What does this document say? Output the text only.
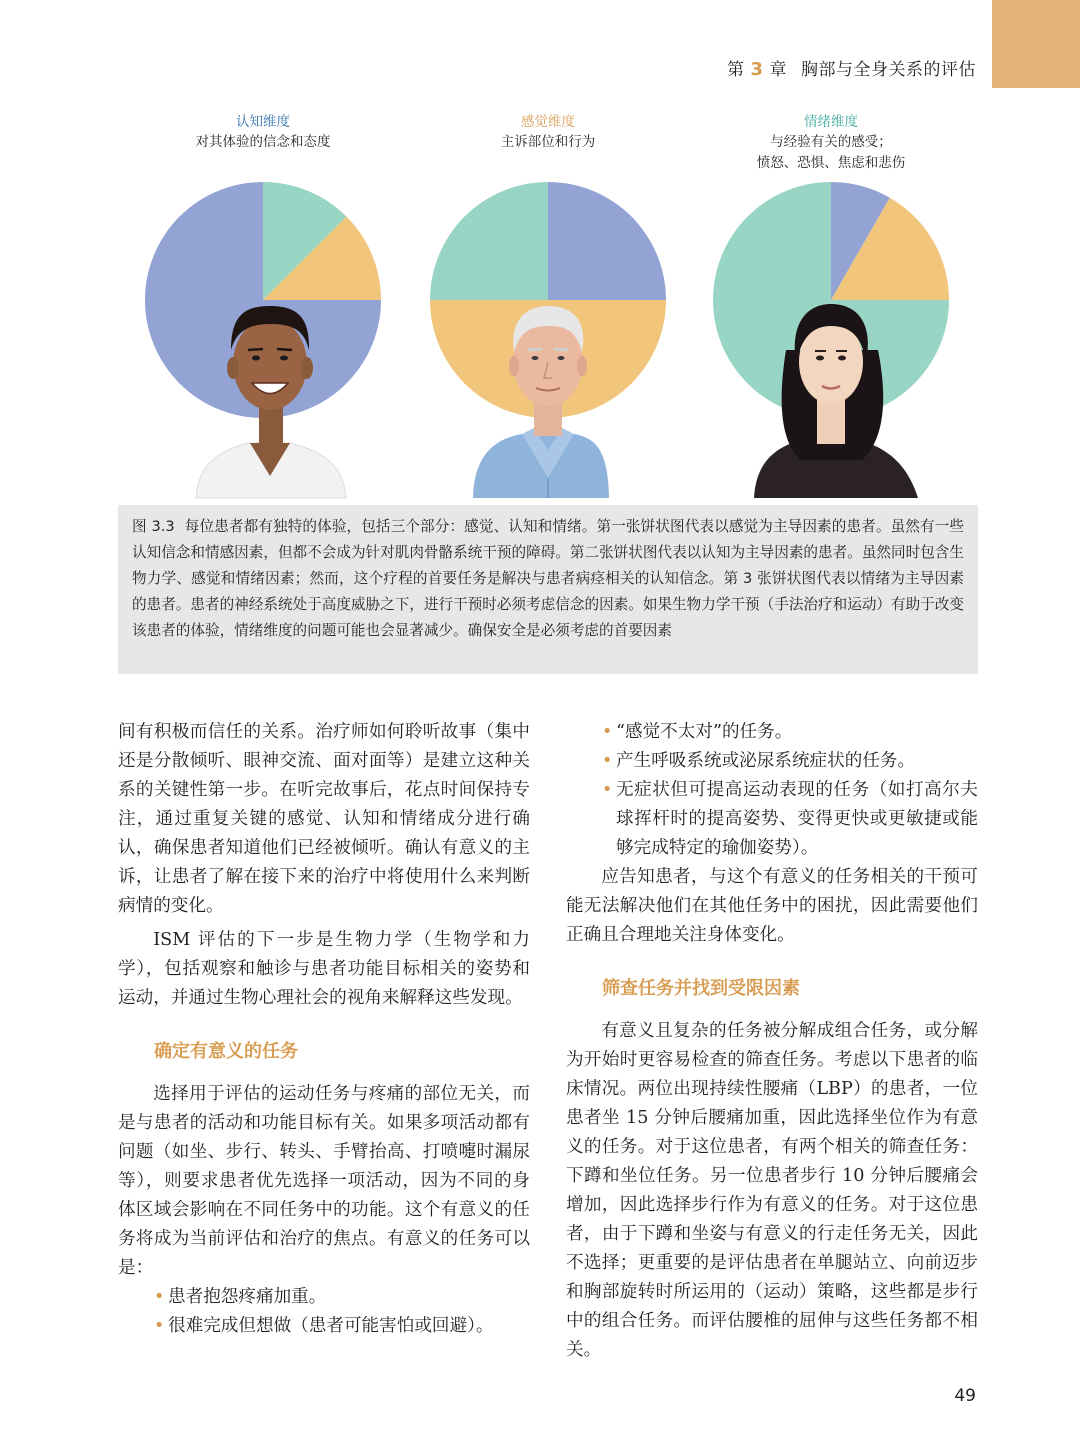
第 3 章 胸部与全身关系的评估
认知维度
对其体验的信念和态度
感觉维度
主诉部位和行为
情绪维度
与经验有关的感受；
愤怒、恐惧、焦虑和悲伤
图 3.3 每位患者都有独特的体验，包括三个部分：感觉、认知和情绪。第一张饼状图代表以感觉为主导因素的患者。虽然有一些认知信念和情感因素，但都不会成为针对肌肉骨骼系统干预的障碍。第二张饼状图代表以认知为主导因素的患者。虽然同时包含生物力学、感觉和情绪因素；然而，这个疗程的首要任务是解决与患者病痉相关的认知信念。第 3 张饼状图代表以情绪为主导因素的患者。患者的神经系统处于高度威胁之下，进行干预时必须考虑信念的因素。如果生物力学干预（手法治疗和运动）有助于改变该患者的体验，情绪维度的问题可能也会显著减少。确保安全是必须考虑的首要因素

间有积极而信任的关系。治疗师如何聆听故事（集中还是分散倾听、眼神交流、面对面等）是建立这种关系的关键性第一步。在听完故事后，花点时间保持专注，通过重复关键的感觉、认知和情绪成分进行确认，确保患者知道他们已经被倾听。确认有意义的主诉，让患者了解在接下来的治疗中将使用什么来判断病情的变化。

ISM 评估的下一步是生物力学（生物学和力学），包括观察和触诊与患者功能目标相关的姿势和运动，并通过生物心理社会的视角来解释这些发现。

确定有意义的任务

选择用于评估的运动任务与疼痛的部位无关，而是与患者的活动和功能目标有关。如果多项活动都有问题（如坐、步行、转头、手臂抬高、打喷嚏时漏尿等），则要求患者优先选择一项活动，因为不同的身体区域会影响在不同任务中的功能。这个有意义的任务将成为当前评估和治疗的焦点。有意义的任务可以是：

• 患者抱怨疼痛加重。
• 很难完成但想做（患者可能害怕或回避）。
• “感觉不太对”的任务。
• 产生呼吸系统或泌尿系统症状的任务。
• 无症状但可提高运动表现的任务（如打高尔夫球挥杆时的提高姿势、变得更快或更敏捷或能够完成特定的瑜伽姿势）。

应告知患者，与这个有意义的任务相关的干预可能无法解决他们在其他任务中的困扰，因此需要他们正确且合理地关注身体变化。

筛查任务并找到受限因素

有意义且复杂的任务被分解成组合任务，或分解为开始时更容易检查的筛查任务。考虑以下患者的临床情况。两位出现持续性腰痛（LBP）的患者，一位患者坐 15 分钟后腰痛加重，因此选择坐位作为有意义的任务。对于这位患者，有两个相关的筛查任务：下蹲和坐位任务。另一位患者步行 10 分钟后腰痛会增加，因此选择步行作为有意义的任务。对于这位患者，由于下蹲和坐姿与有意义的行走任务无关，因此不选择；更重要的是评估患者在单腿站立、向前迈步和胸部旋转时所运用的（运动）策略，这些都是步行中的组合任务。而评估腰椎的屈伸与这些任务都不相关。

49
